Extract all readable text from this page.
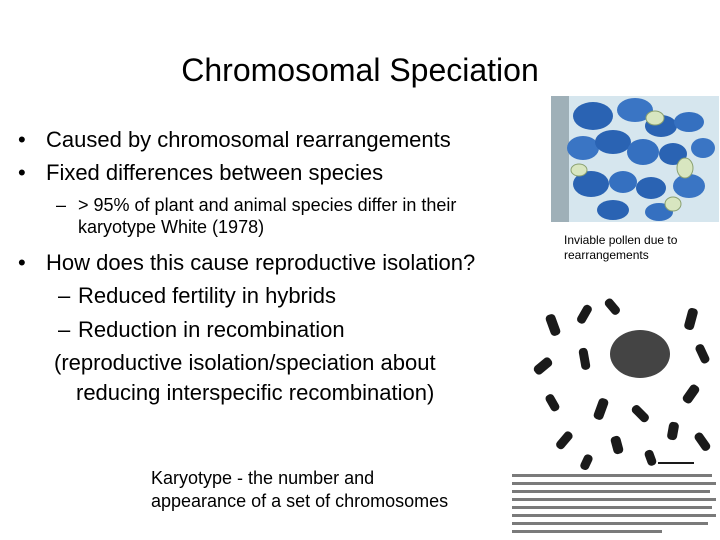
Chromosomal Speciation
• Caused by chromosomal rearrangements
• Fixed differences between species
– > 95% of plant and animal species differ in their
karyotype White (1978)
• How does this cause reproductive isolation?
– Reduced fertility in hybrids
– Reduction in recombination
(reproductive isolation/speciation about
reducing interspecific recombination)
Karyotype - the number and
appearance of a set of chromosomes
Inviable pollen due to
rearrangements
